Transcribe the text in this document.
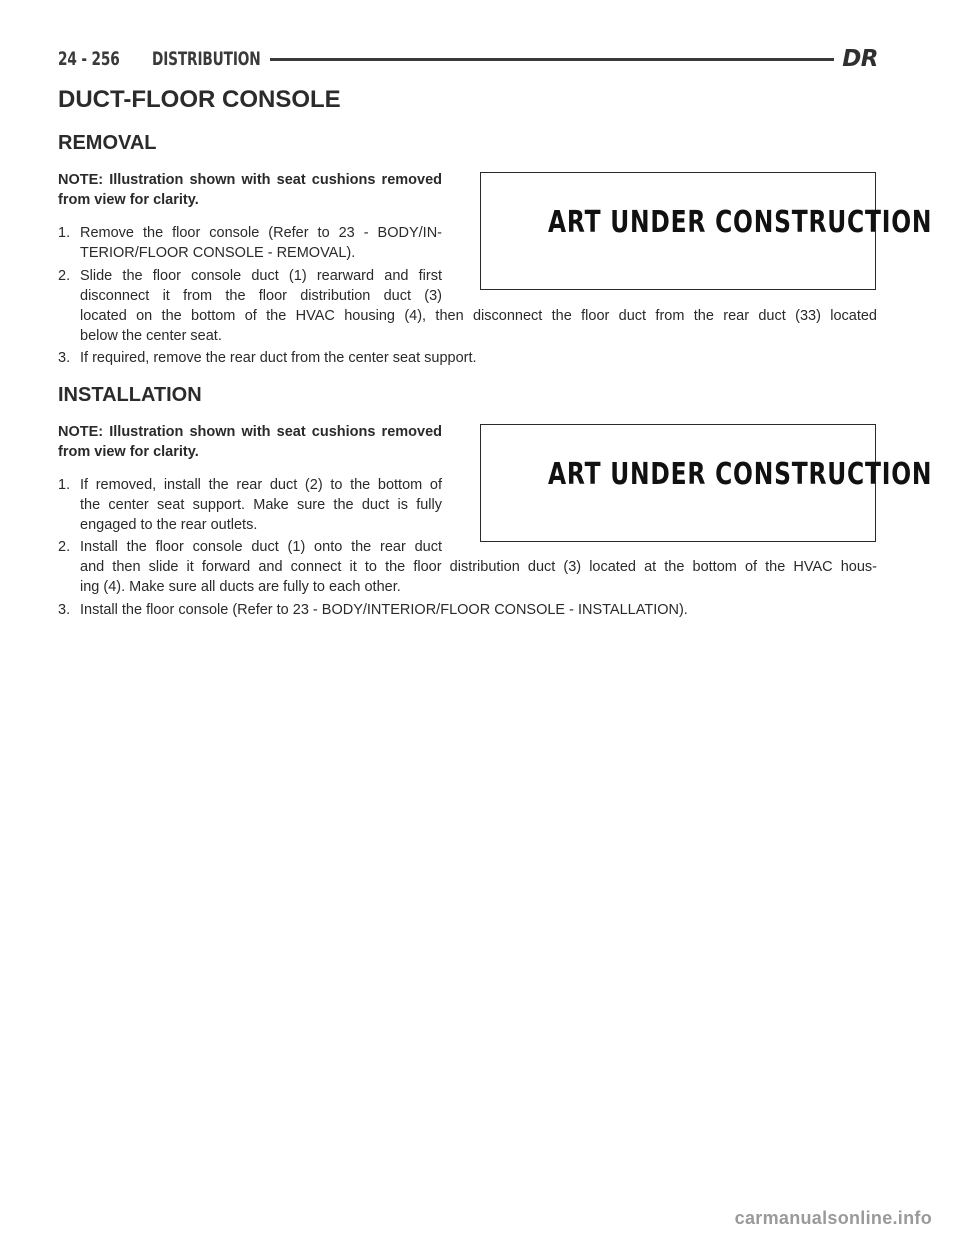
24 - 256 DISTRIBUTION	DR
DUCT-FLOOR CONSOLE
REMOVAL

NOTE: Illustration shown with seat cushions removed from view for clarity.

ART UNDER CONSTRUCTION

1. Remove the floor console (Refer to 23 - BODY/IN-

TERIOR/FLOOR CONSOLE - REMOVAL).

2. Slide the floor console duct (1) rearward and first

disconnect it from the floor distribution duct (3)

located on the bottom of the HVAC housing (4), then disconnect the floor duct from the rear duct (33) located

below the center seat.

3. If required, remove the rear duct from the center seat support.

INSTALLATION

NOTE: Illustration shown with seat cushions removed from view for clarity.

ART UNDER CONSTRUCTION

1. If removed, install the rear duct (2) to the bottom of

the center seat support. Make sure the duct is fully

engaged to the rear outlets.

2. Install the floor console duct (1) onto the rear duct

and then slide it forward and connect it to the floor distribution duct (3) located at the bottom of the HVAC hous-

ing (4). Make sure all ducts are fully to each other.

3. Install the floor console (Refer to 23 - BODY/INTERIOR/FLOOR CONSOLE - INSTALLATION).

carmanualsonline.info
